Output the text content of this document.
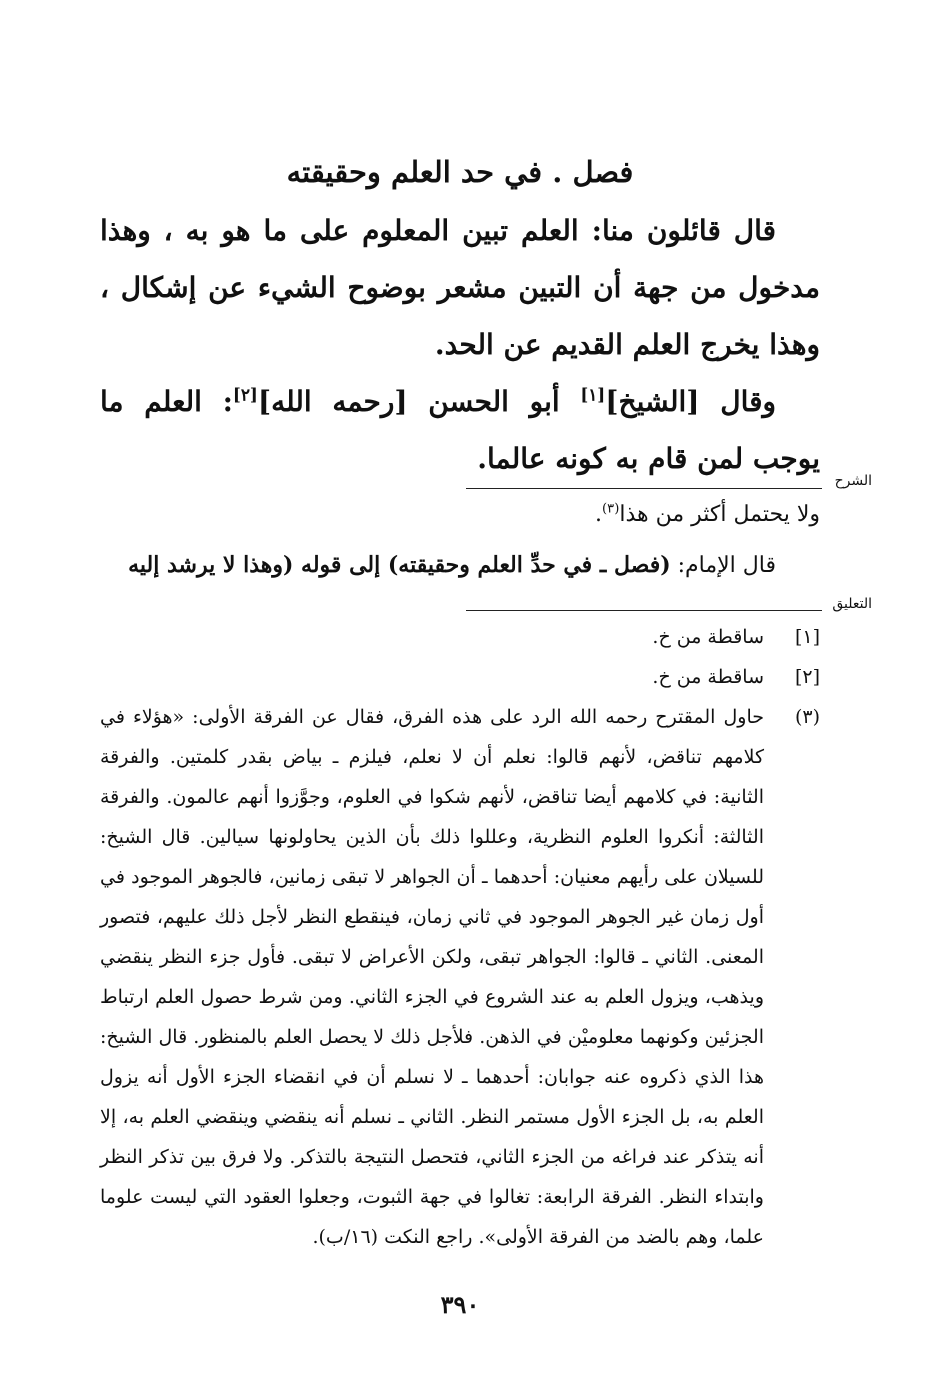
فصل . في حد العلم وحقيقته

قال قائلون منا: العلم تبين المعلوم على ما هو به ، وهذا مدخول من جهة أن التبين مشعر بوضوح الشيء عن إشكال ، وهذا يخرج العلم القديم عن الحد.

وقال [الشيخ][١] أبو الحسن [رحمه الله][٢]: العلم ما يوجب لمن قام به كونه عالما.

الشرح

ولا يحتمل أكثر من هذا$^{(٣)}$.

قال الإمام: (فصل ـ في حدِّ العلم وحقيقته) إلى قوله (وهذا لا يرشد إليه

التعليق
[١]
ساقطة من خ.
[٢]
ساقطة من خ.
(٣)
حاول المقترح رحمه الله الرد على هذه الفرق، فقال عن الفرقة الأولى: «هؤلاء في كلامهم تناقض، لأنهم قالوا: نعلم أن لا نعلم، فيلزم ـ بياض بقدر كلمتين. والفرقة الثانية: في كلامهم أيضا تناقض، لأنهم شكوا في العلوم، وجوَّزوا أنهم عالمون. والفرقة الثالثة: أنكروا العلوم النظرية، وعللوا ذلك بأن الذين يحاولونها سيالين. قال الشيخ: للسيلان على رأيهم معنيان: أحدهما ـ أن الجواهر لا تبقى زمانين، فالجوهر الموجود في أول زمان غير الجوهر الموجود في ثاني زمان، فينقطع النظر لأجل ذلك عليهم، فتصور المعنى. الثاني ـ قالوا: الجواهر تبقى، ولكن الأعراض لا تبقى. فأول جزء النظر ينقضي ويذهب، ويزول العلم به عند الشروع في الجزء الثاني. ومن شرط حصول العلم ارتباط الجزئين وكونهما معلوميْن في الذهن. فلأجل ذلك لا يحصل العلم بالمنظور. قال الشيخ: هذا الذي ذكروه عنه جوابان: أحدهما ـ لا نسلم أن في انقضاء الجزء الأول أنه يزول العلم به، بل الجزء الأول مستمر النظر. الثاني ـ نسلم أنه ينقضي وينقضي العلم به، إلا أنه يتذكر عند فراغه من الجزء الثاني، فتحصل النتيجة بالتذكر. ولا فرق بين تذكر النظر وابتداء النظر. الفرقة الرابعة: تغالوا في جهة الثبوت، وجعلوا العقود التي ليست علوما علما، وهم بالضد من الفرقة الأولى». راجع النكت (١٦/ب).
٣٩٠
